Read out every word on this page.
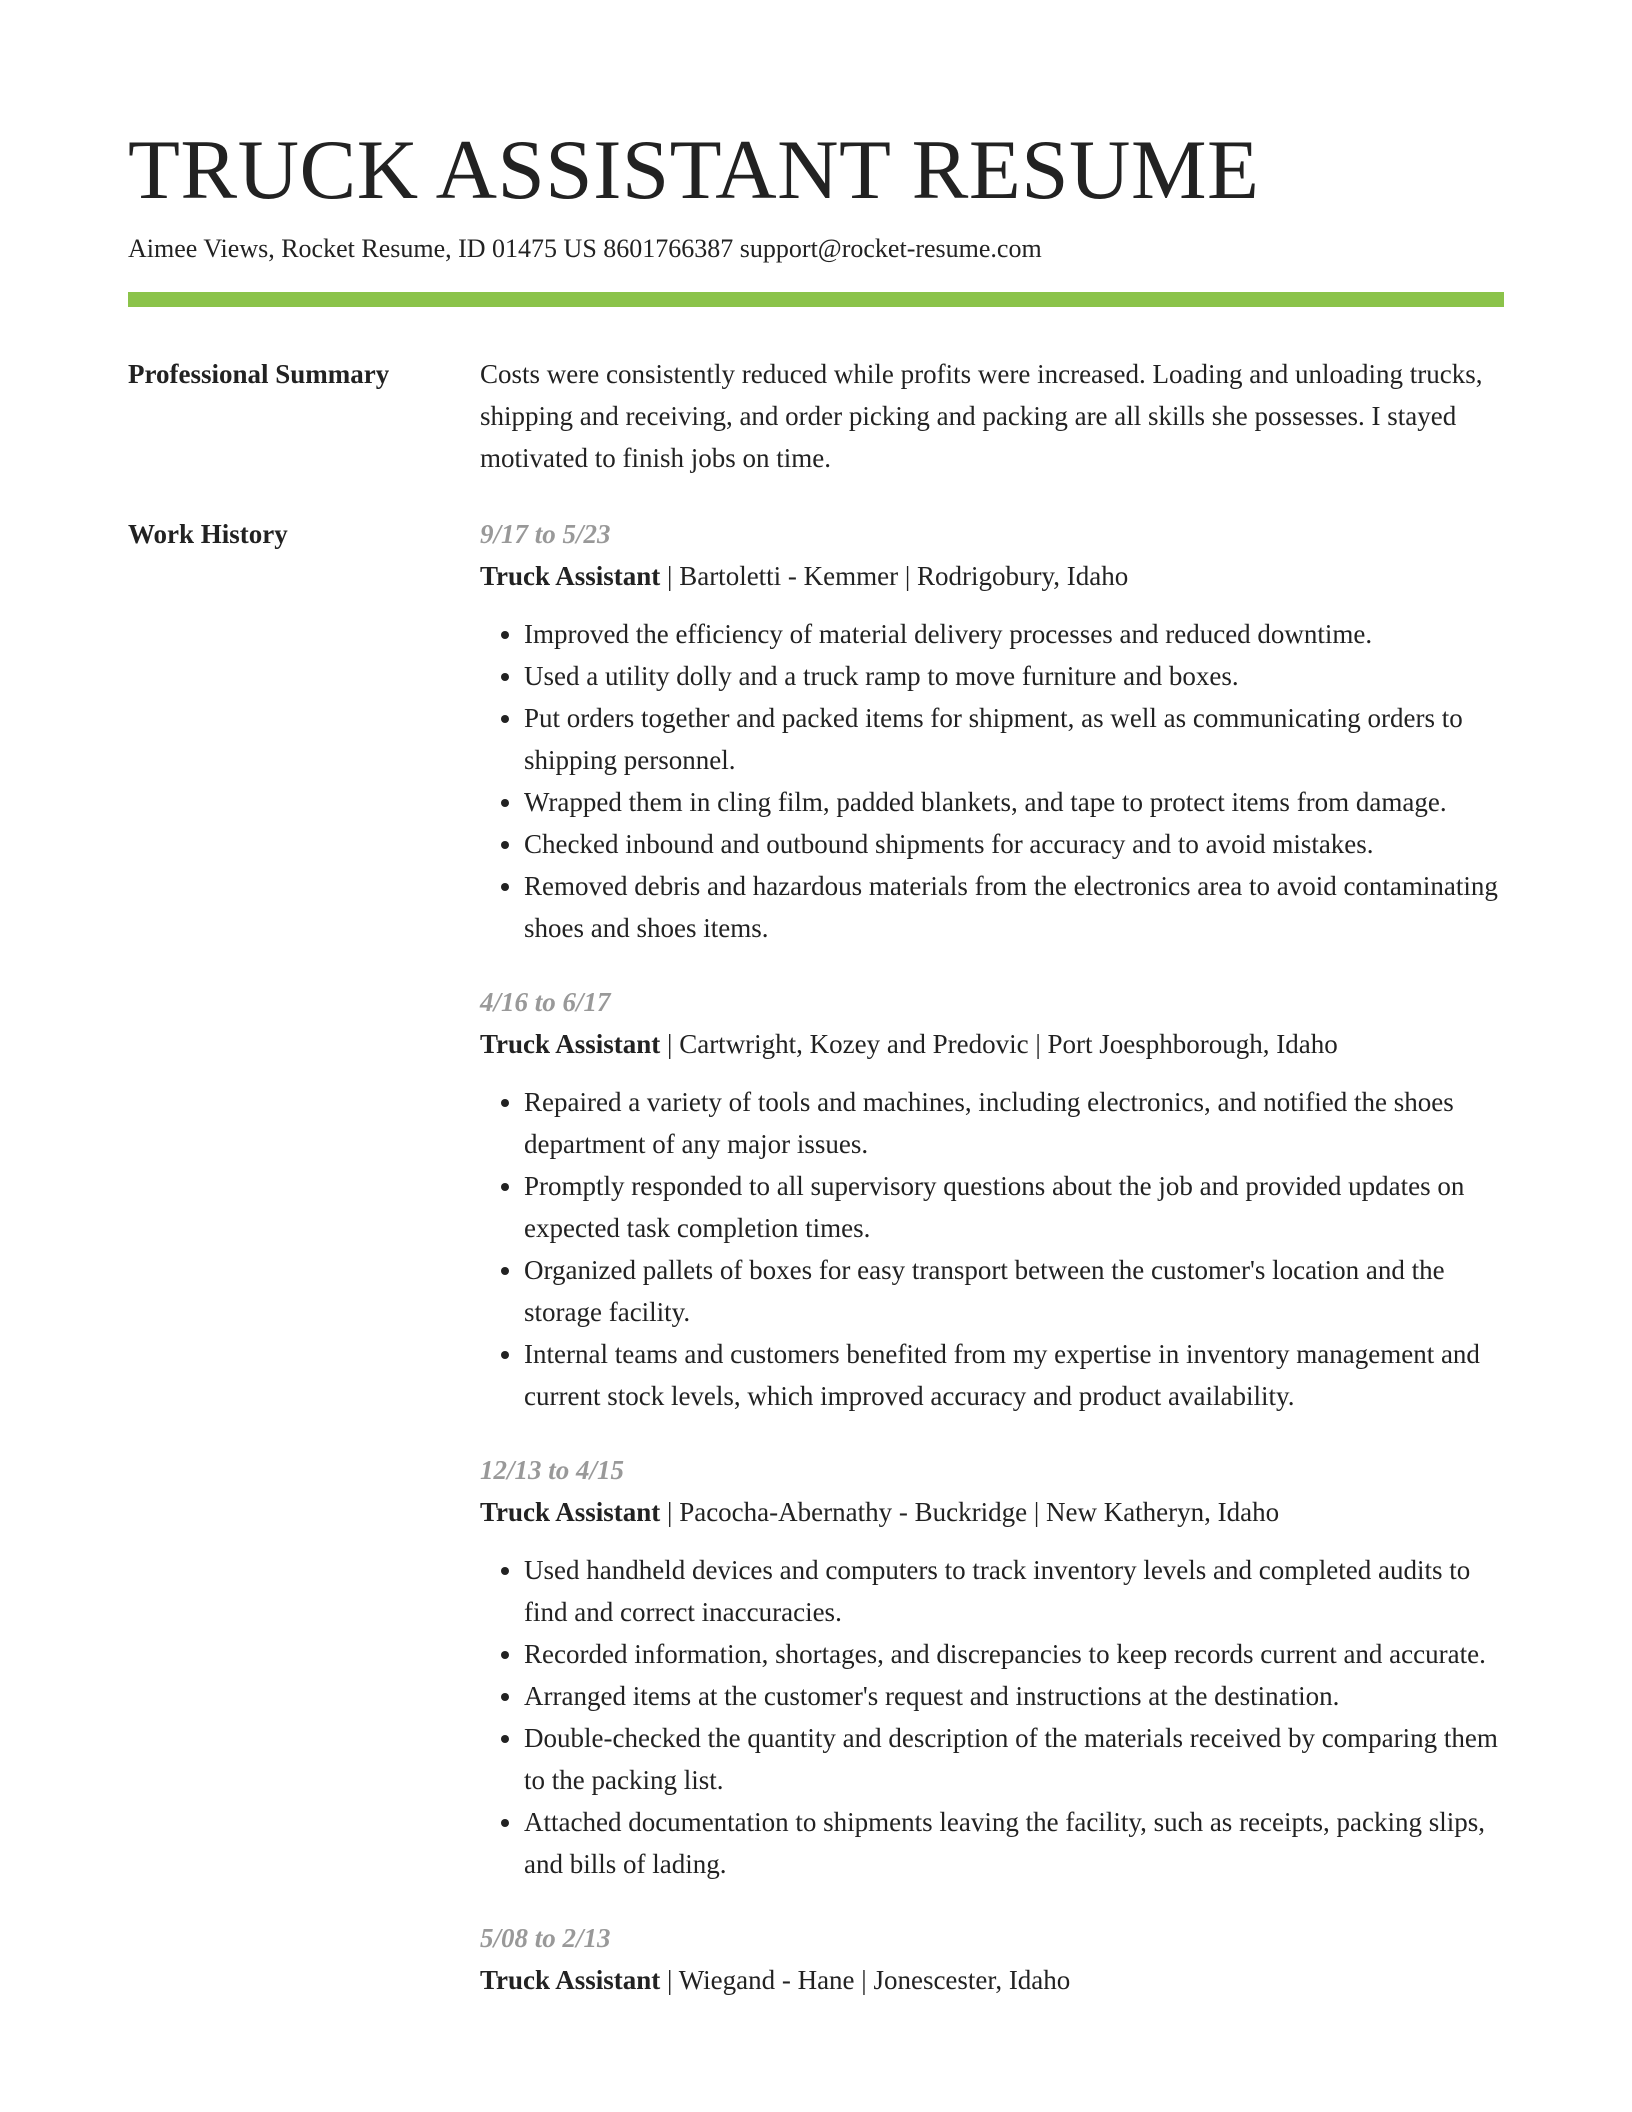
TRUCK ASSISTANT RESUME
Aimee Views, Rocket Resume, ID 01475 US 8601766387 support@rocket-resume.com
Professional Summary	Costs were consistently reduced while profits were increased. Loading and unloading trucks, shipping and receiving, and order picking and packing are all skills she possesses. I stayed motivated to finish jobs on time.

Work History	9/17 to 5/23
Truck Assistant | Bartoletti - Kemmer | Rodrigobury, Idaho
• Improved the efficiency of material delivery processes and reduced downtime.
• Used a utility dolly and a truck ramp to move furniture and boxes.
• Put orders together and packed items for shipment, as well as communicating orders to shipping personnel.
• Wrapped them in cling film, padded blankets, and tape to protect items from damage.
• Checked inbound and outbound shipments for accuracy and to avoid mistakes.
• Removed debris and hazardous materials from the electronics area to avoid contaminating shoes and shoes items.
4/16 to 6/17
Truck Assistant | Cartwright, Kozey and Predovic | Port Joesphborough, Idaho
• Repaired a variety of tools and machines, including electronics, and notified the shoes department of any major issues.
• Promptly responded to all supervisory questions about the job and provided updates on expected task completion times.
• Organized pallets of boxes for easy transport between the customer's location and the storage facility.
• Internal teams and customers benefited from my expertise in inventory management and current stock levels, which improved accuracy and product availability.
12/13 to 4/15
Truck Assistant | Pacocha-Abernathy - Buckridge | New Katheryn, Idaho
• Used handheld devices and computers to track inventory levels and completed audits to find and correct inaccuracies.
• Recorded information, shortages, and discrepancies to keep records current and accurate.
• Arranged items at the customer's request and instructions at the destination.
• Double-checked the quantity and description of the materials received by comparing them to the packing list.
• Attached documentation to shipments leaving the facility, such as receipts, packing slips, and bills of lading.
5/08 to 2/13
Truck Assistant | Wiegand - Hane | Jonescester, Idaho
